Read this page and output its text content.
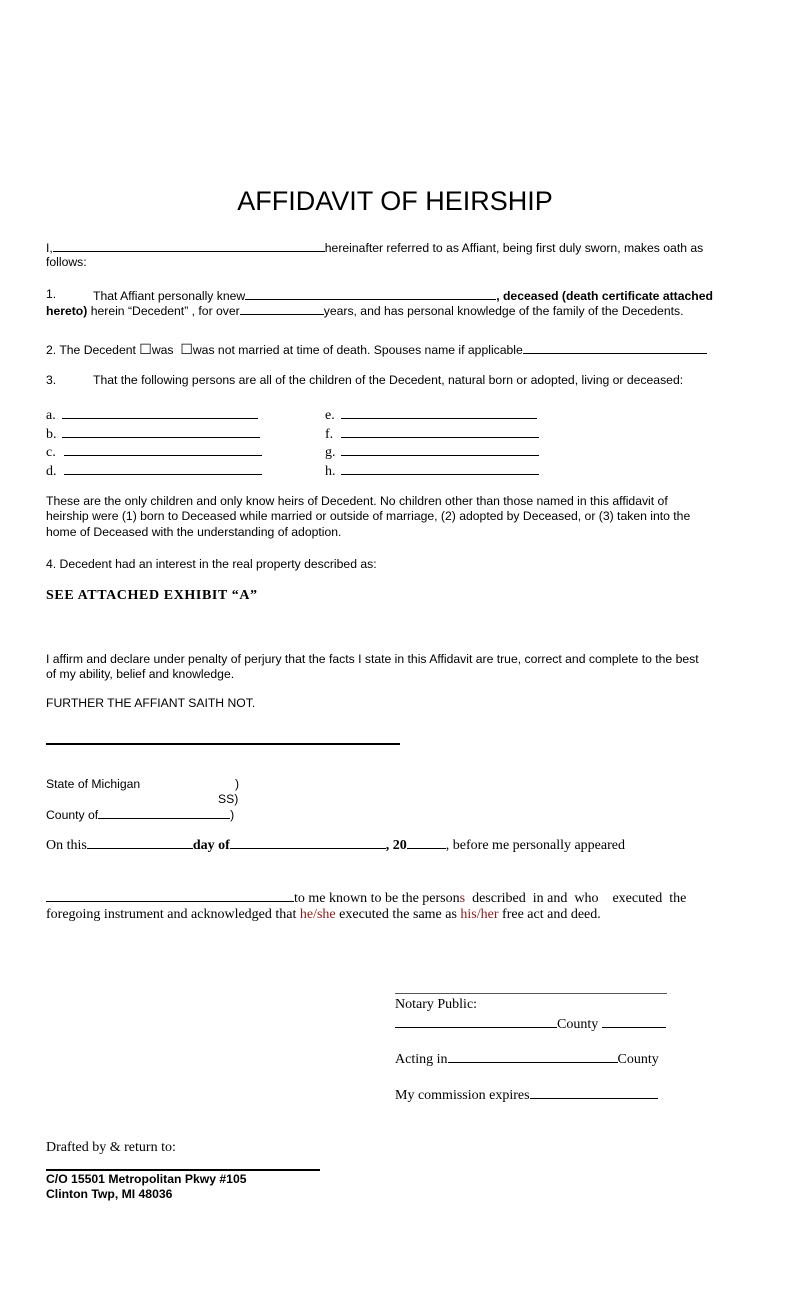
AFFIDAVIT OF HEIRSHIP
I,	hereinafter referred to as Affiant, being first duly sworn, makes oath as
follows:
1.	That Affiant personally knew	, deceased (death certificate attached
hereto) herein “Decedent” , for over	years, and has personal knowledge of the family of the Decedents.
2. The Decedent ☐was ☐was not married at time of death. Spouses name if applicable
3.	That the following persons are all of the children of the Decedent, natural born or adopted, living or deceased:
a.
b.
c.
d.
e.
f.
g.
h.
These are the only children and only know heirs of Decedent. No children other than those named in this affidavit of
heirship were (1) born to Deceased while married or outside of marriage, (2) adopted by Deceased, or (3) taken into the
home of Deceased with the understanding of adoption.
4. Decedent had an interest in the real property described as:
SEE ATTACHED EXHIBIT “A”
I affirm and declare under penalty of perjury that the facts I state in this Affidavit are true, correct and complete to the best
of my ability, belief and knowledge.
FURTHER THE AFFIANT SAITH NOT.
State of Michigan	)
SS)
County of	)
On this	day of	, 20	, before me personally appeared
to me known to be the persons  described  in and  who    executed  the
foregoing instrument and acknowledged that he/she executed the same as his/her free act and deed.
Notary Public:
County
Acting in	County
My commission expires
Drafted by & return to:
C/O 15501 Metropolitan Pkwy #105
Clinton Twp, MI 48036
